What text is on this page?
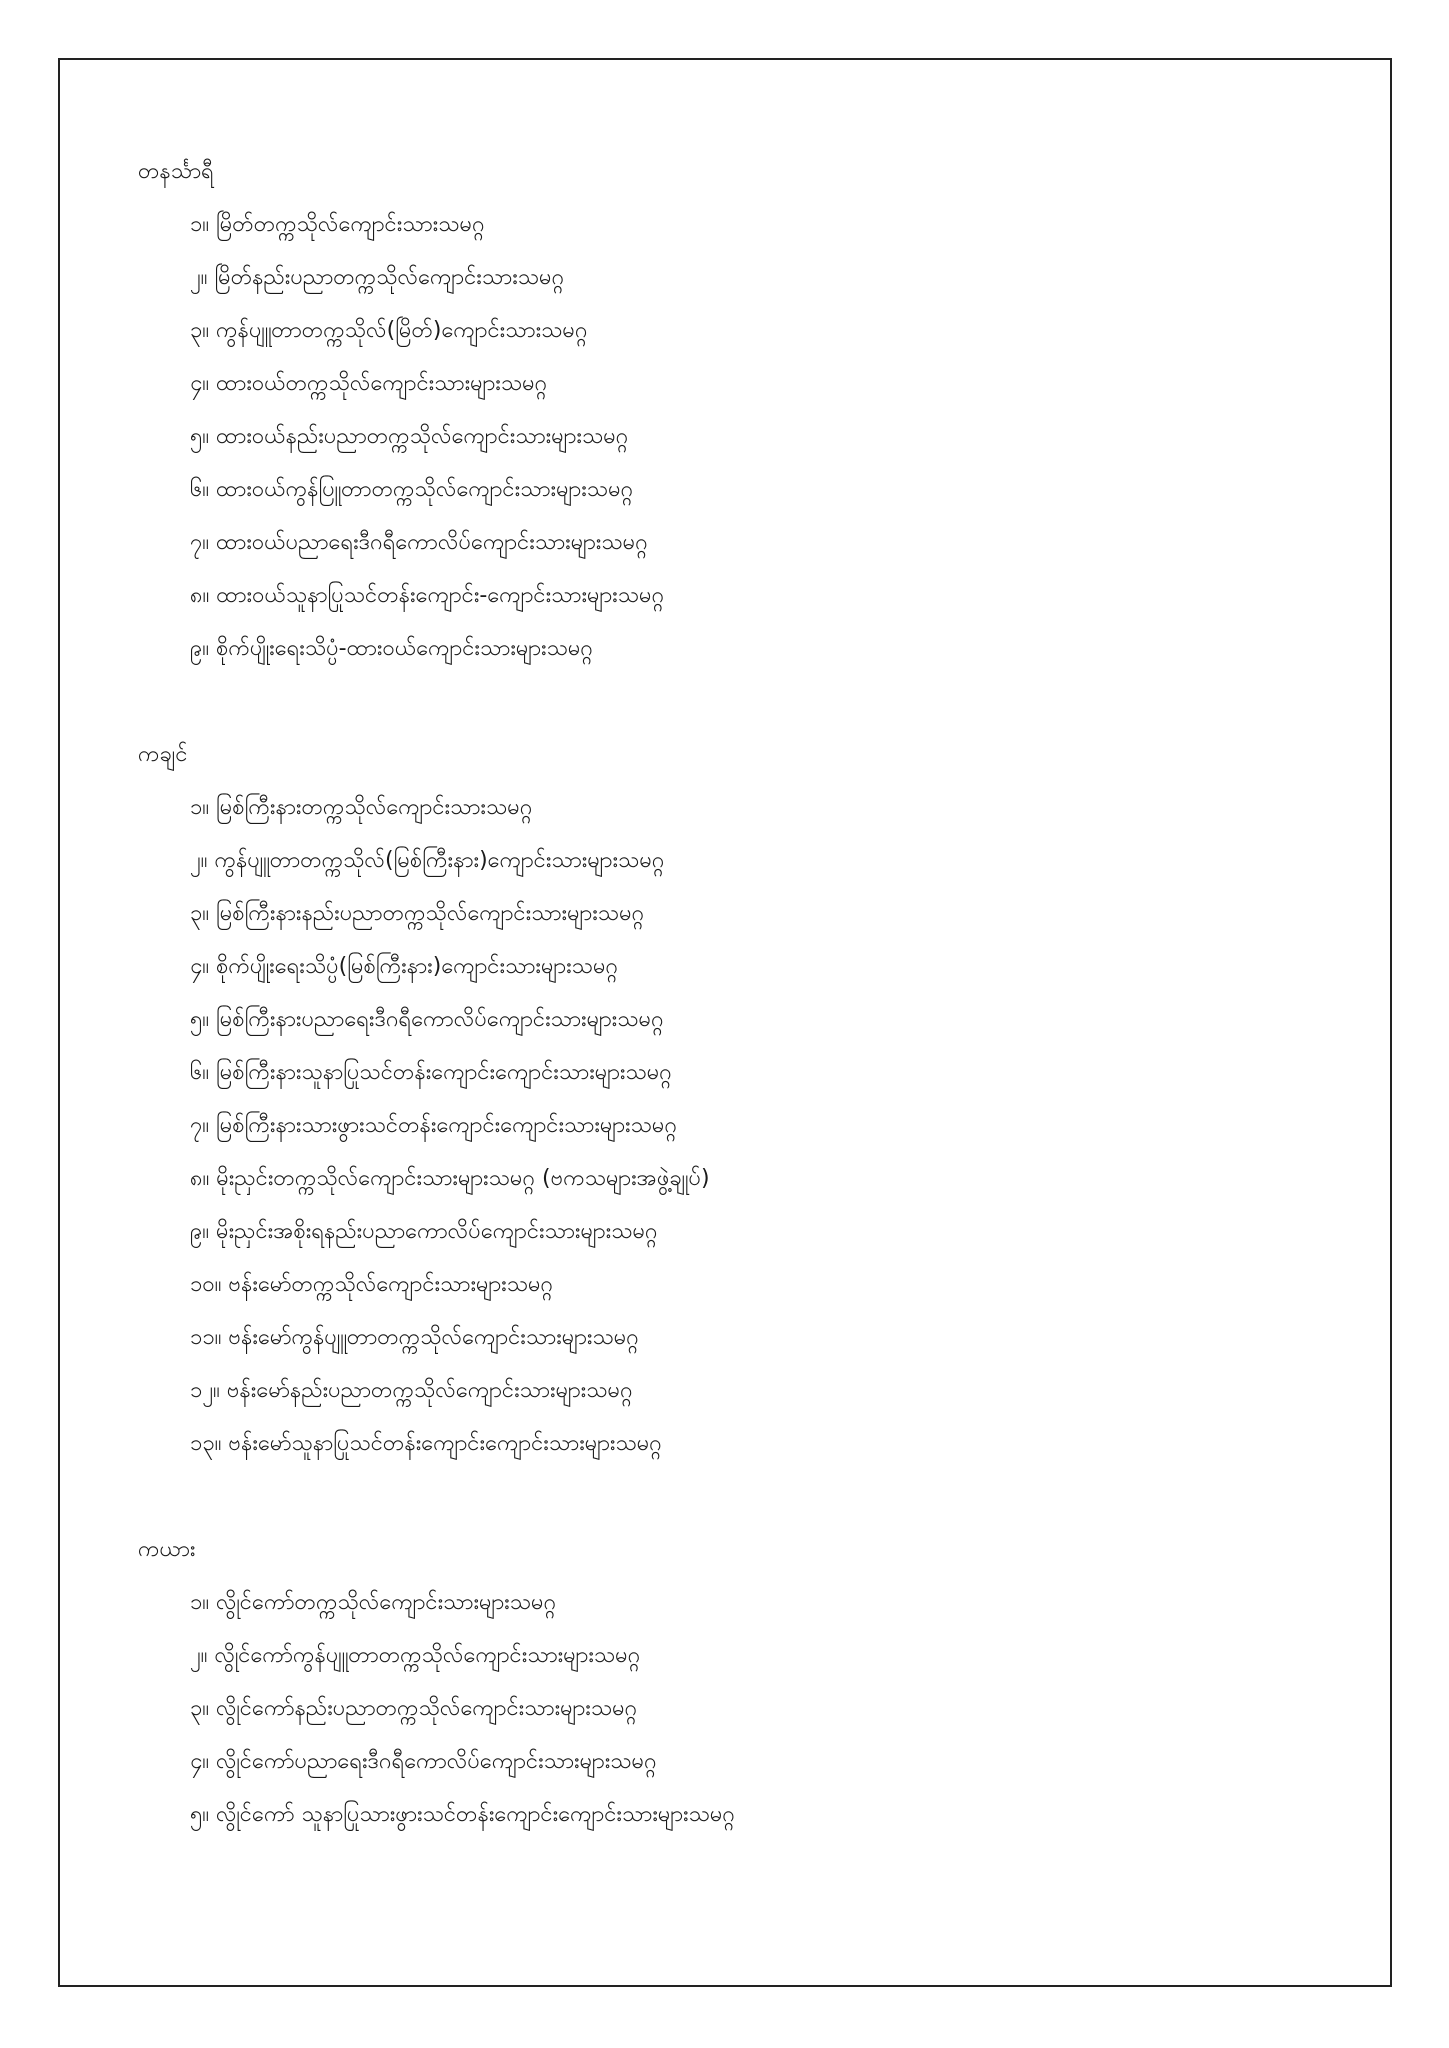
တနင်္သာရီ
၁။ မြိတ်တက္ကသိုလ်ကျောင်းသားသမဂ္ဂ
၂။ မြိတ်နည်းပညာတက္ကသိုလ်ကျောင်းသားသမဂ္ဂ
၃။ ကွန်ပျူတာတက္ကသိုလ်(မြိတ်)ကျောင်းသားသမဂ္ဂ
၄။ ထားဝယ်တက္ကသိုလ်ကျောင်းသားများသမဂ္ဂ
၅။ ထားဝယ်နည်းပညာတက္ကသိုလ်ကျောင်းသားများသမဂ္ဂ
၆။ ထားဝယ်ကွန်ပြူတာတက္ကသိုလ်ကျောင်းသားများသမဂ္ဂ
၇။ ထားဝယ်ပညာရေးဒီဂရီကောလိပ်ကျောင်းသားများသမဂ္ဂ
၈။ ထားဝယ်သူနာပြုသင်တန်းကျောင်း-ကျောင်းသားများသမဂ္ဂ
၉။ စိုက်ပျိုးရေးသိပ္ပံ-ထားဝယ်ကျောင်းသားများသမဂ္ဂ
ကချင်
၁။ မြစ်ကြီးနားတက္ကသိုလ်ကျောင်းသားသမဂ္ဂ
၂။ ကွန်ပျူတာတက္ကသိုလ်(မြစ်ကြီးနား)ကျောင်းသားများသမဂ္ဂ
၃။ မြစ်ကြီးနားနည်းပညာတက္ကသိုလ်ကျောင်းသားများသမဂ္ဂ
၄။ စိုက်ပျိုးရေးသိပ္ပံ(မြစ်ကြီးနား)ကျောင်းသားများသမဂ္ဂ
၅။ မြစ်ကြီးနားပညာရေးဒီဂရီကောလိပ်ကျောင်းသားများသမဂ္ဂ
၆။ မြစ်ကြီးနားသူနာပြုသင်တန်းကျောင်းကျောင်းသားများသမဂ္ဂ
၇။ မြစ်ကြီးနားသားဖွားသင်တန်းကျောင်းကျောင်းသားများသမဂ္ဂ
၈။ မိုးညှင်းတက္ကသိုလ်ကျောင်းသားများသမဂ္ဂ (ဗကသများအဖွဲ့ချုပ်)
၉။ မိုးညှင်းအစိုးရနည်းပညာကောလိပ်ကျောင်းသားများသမဂ္ဂ
၁၀။ ဗန်းမော်တက္ကသိုလ်ကျောင်းသားများသမဂ္ဂ
၁၁။ ဗန်းမော်ကွန်ပျူတာတက္ကသိုလ်ကျောင်းသားများသမဂ္ဂ
၁၂။ ဗန်းမော်နည်းပညာတက္ကသိုလ်ကျောင်းသားများသမဂ္ဂ
၁၃။ ဗန်းမော်သူနာပြုသင်တန်းကျောင်းကျောင်းသားများသမဂ္ဂ
ကယား
၁။ လွိုင်ကော်တက္ကသိုလ်ကျောင်းသားများသမဂ္ဂ
၂။ လွိုင်ကော်ကွန်ပျူတာတက္ကသိုလ်ကျောင်းသားများသမဂ္ဂ
၃။ လွိုင်ကော်နည်းပညာတက္ကသိုလ်ကျောင်းသားများသမဂ္ဂ
၄။ လွိုင်ကော်ပညာရေးဒီဂရီကောလိပ်ကျောင်းသားများသမဂ္ဂ
၅။ လွိုင်ကော် သူနာပြုသားဖွားသင်တန်းကျောင်းကျောင်းသားများသမဂ္ဂ
